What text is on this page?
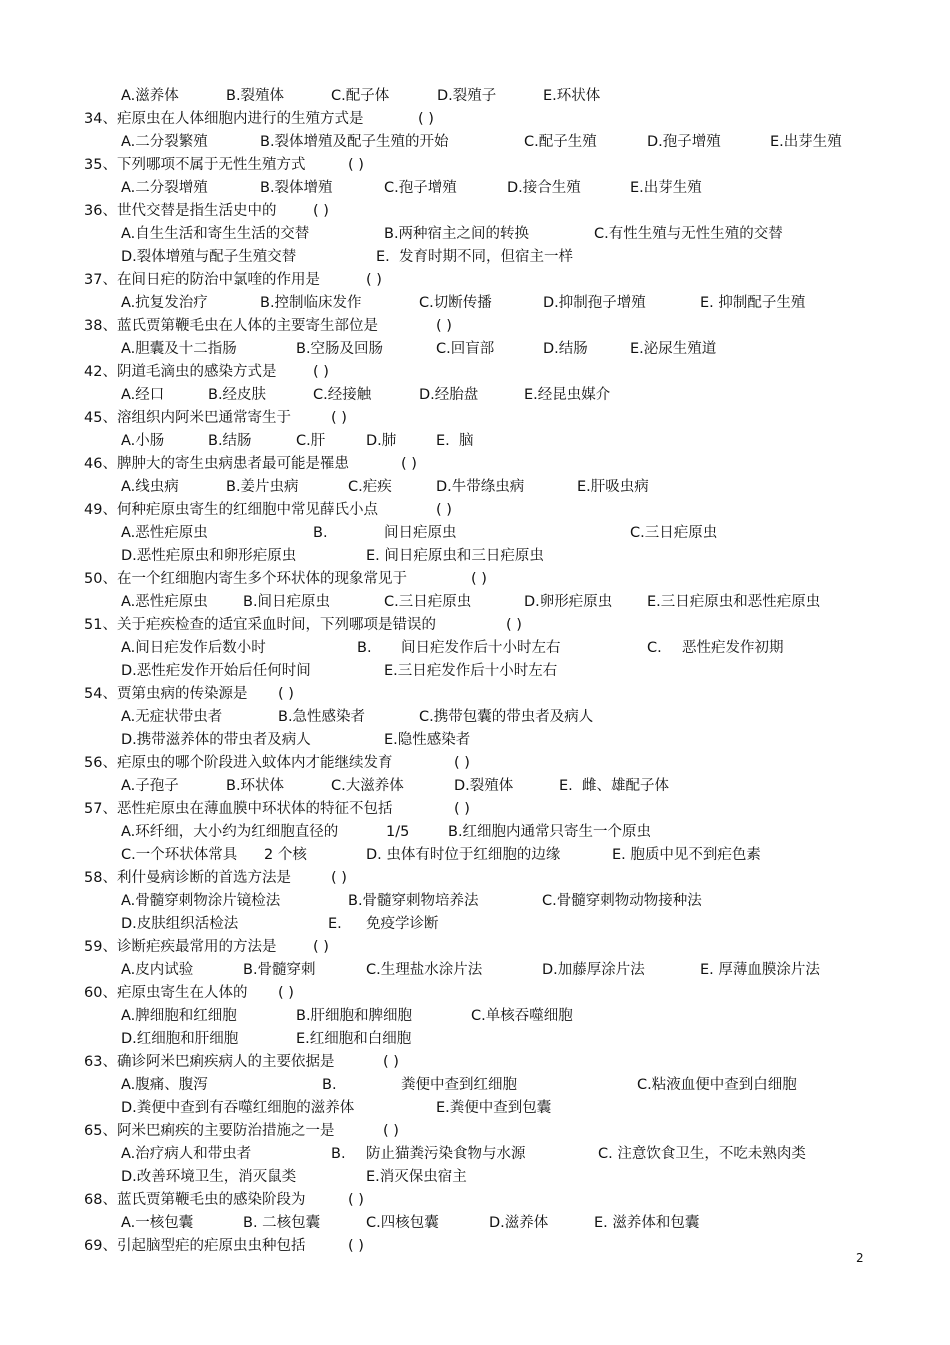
2
A.滋养体	B.裂殖体	C.配子体	D.裂殖子	E.环状体
34、疟原虫在人体细胞内进行的生殖方式是	( )
A.二分裂繁殖	B.裂体增殖及配子生殖的开始	C.配子生殖	D.孢子增殖	E.出芽生殖
35、下列哪项不属于无性生殖方式	( )
A.二分裂增殖	B.裂体增殖	C.孢子增殖	D.接合生殖	E.出芽生殖
36、世代交替是指生活史中的	( )
A.自生生活和寄生生活的交替	B.两种宿主之间的转换	C.有性生殖与无性生殖的交替
D.裂体增殖与配子生殖交替	E.  发育时期不同，但宿主一样
37、在间日疟的防治中氯喹的作用是	( )
A.抗复发治疗	B.控制临床发作	C.切断传播	D.抑制孢子增殖	E. 抑制配子生殖
38、蓝氏贾第鞭毛虫在人体的主要寄生部位是	( )
A.胆囊及十二指肠	B.空肠及回肠	C.回盲部	D.结肠	E.泌尿生殖道
42、阴道毛滴虫的感染方式是	( )
A.经口	B.经皮肤	C.经接触	D.经胎盘	E.经昆虫媒介
45、溶组织内阿米巴通常寄生于	( )
A.小肠	B.结肠	C.肝	D.肺	E.  脑
46、脾肿大的寄生虫病患者最可能是罹患	( )
A.线虫病	B.姜片虫病	C.疟疾	D.牛带绦虫病	E.肝吸虫病
49、何种疟原虫寄生的红细胞中常见薛氏小点	( )
A.恶性疟原虫	B.	间日疟原虫	C.三日疟原虫
D.恶性疟原虫和卵形疟原虫	E. 间日疟原虫和三日疟原虫
50、在一个红细胞内寄生多个环状体的现象常见于	( )
A.恶性疟原虫 B.间日疟原虫	C.三日疟原虫	D.卵形疟原虫 E.三日疟原虫和恶性疟原虫
51、关于疟疾检查的适宜采血时间，下列哪项是错误的	( )
A.间日疟发作后数小时	B. 间日疟发作后十小时左右	C. 恶性疟发作初期
D.恶性疟发作开始后任何时间	E.三日疟发作后十小时左右
54、贾第虫病的传染源是 ( )
A.无症状带虫者	B.急性感染者	C.携带包囊的带虫者及病人
D.携带滋养体的带虫者及病人	E.隐性感染者
56、疟原虫的哪个阶段进入蚊体内才能继续发育	( )
A.子孢子	B.环状体	C.大滋养体	D.裂殖体	E.  雌、雄配子体
57、恶性疟原虫在薄血膜中环状体的特征不包括	( )
A.环纤细，大小约为红细胞直径的	1/5	B.红细胞内通常只寄生一个原虫
C.一个环状体常具 2 个核	D. 虫体有时位于红细胞的边缘	E. 胞质中见不到疟色素
58、利什曼病诊断的首选方法是	( )
A.骨髓穿刺物涂片镜检法	B.骨髓穿刺物培养法	C.骨髓穿刺物动物接种法
D.皮肤组织活检法	E. 免疫学诊断
59、诊断疟疾最常用的方法是	( )
A.皮内试验	B.骨髓穿刺	C.生理盐水涂片法	D.加藤厚涂片法	E. 厚薄血膜涂片法
60、疟原虫寄生在人体的 ( )
A.脾细胞和红细胞	B.肝细胞和脾细胞	C.单核吞噬细胞
D.红细胞和肝细胞	E.红细胞和白细胞
63、确诊阿米巴痢疾病人的主要依据是	( )
A.腹痛、腹泻	B.	粪便中查到红细胞	C.粘液血便中查到白细胞
D.粪便中查到有吞噬红细胞的滋养体	E.粪便中查到包囊
65、阿米巴痢疾的主要防治措施之一是	( )
A.治疗病人和带虫者	B. 防止猫粪污染食物与水源	C. 注意饮食卫生，不吃未熟肉类
D.改善环境卫生，消灭鼠类	E.消灭保虫宿主
68、蓝氏贾第鞭毛虫的感染阶段为	( )
A.一核包囊	B. 二核包囊	C.四核包囊	D.滋养体	E. 滋养体和包囊
69、引起脑型疟的疟原虫虫种包括	( )
